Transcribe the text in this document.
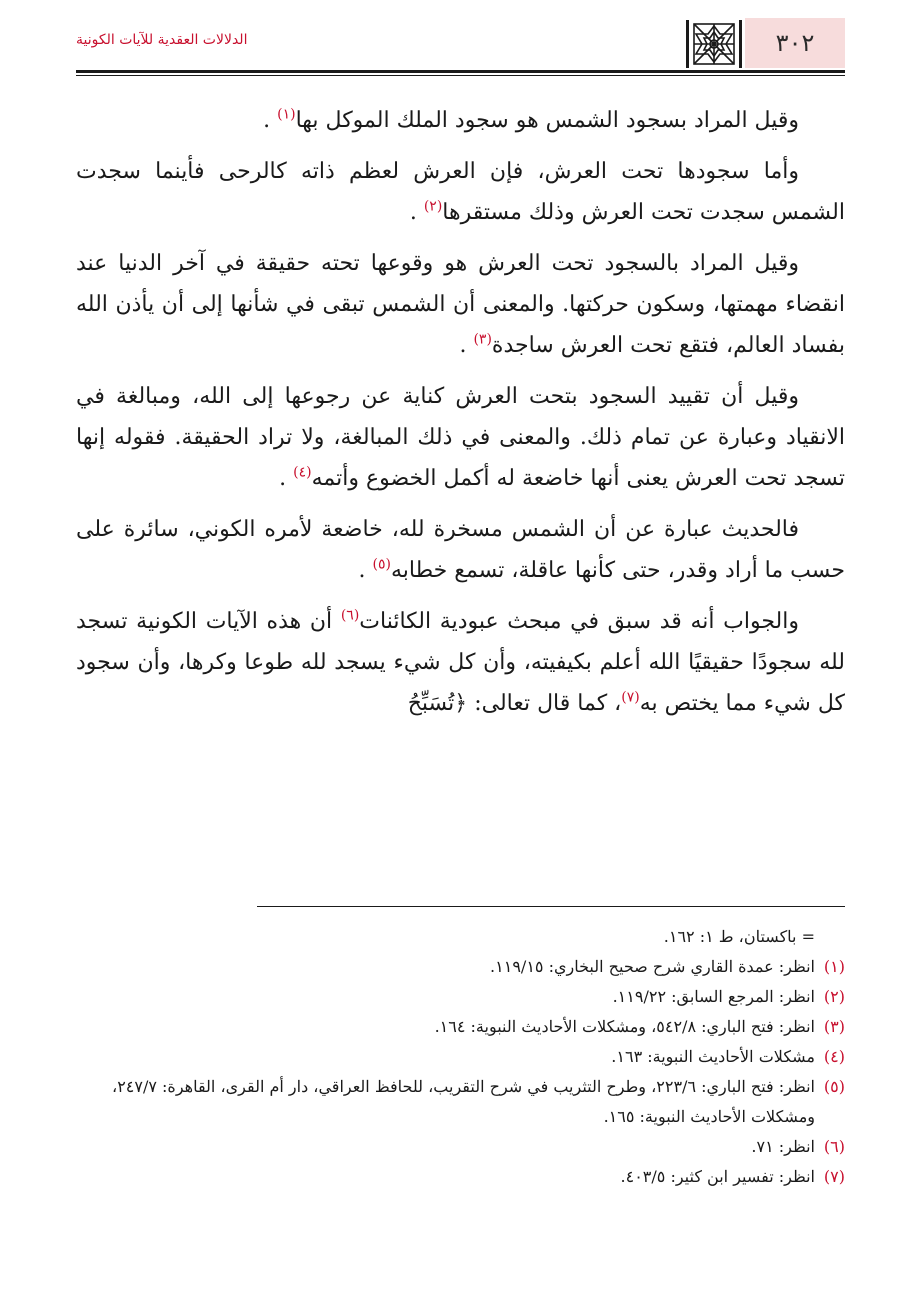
٣٠٢
الدلالات العقدية للآيات الكونية

وقيل المراد بسجود الشمس هو سجود الملك الموكل بها$^{(١)}$ .

وأما سجودها تحت العرش، فإن العرش لعظم ذاته كالرحى فأينما سجدت الشمس سجدت تحت العرش وذلك مستقرها$^{(٢)}$ .

وقيل المراد بالسجود تحت العرش هو وقوعها تحته حقيقة في آخر الدنيا عند انقضاء مهمتها، وسكون حركتها. والمعنى أن الشمس تبقى في شأنها إلى أن يأذن الله بفساد العالم، فتقع تحت العرش ساجدة$^{(٣)}$ .

وقيل أن تقييد السجود بتحت العرش كناية عن رجوعها إلى الله، ومبالغة في الانقياد وعبارة عن تمام ذلك. والمعنى في ذلك المبالغة، ولا تراد الحقيقة. فقوله إنها تسجد تحت العرش يعنى أنها خاضعة له أكمل الخضوع وأتمه$^{(٤)}$ .

فالحديث عبارة عن أن الشمس مسخرة لله، خاضعة لأمره الكوني، سائرة على حسب ما أراد وقدر، حتى كأنها عاقلة، تسمع خطابه$^{(٥)}$ .

والجواب أنه قد سبق في مبحث عبودية الكائنات$^{(٦)}$ أن هذه الآيات الكونية تسجد لله سجودًا حقيقيًا الله أعلم بكيفيته، وأن كل شيء يسجد لله طوعا وكرها، وأن سجود كل شيء مما يختص به$^{(٧)}$، كما قال تعالى: ﴿تُسَبِّحُ

= باكستان، ط ١: ١٦٢.

(١)انظر: عمدة القاري شرح صحيح البخاري: ١١٩/١٥.

(٢)انظر: المرجع السابق: ١١٩/٢٢.

(٣)انظر: فتح الباري: ٥٤٢/٨، ومشكلات الأحاديث النبوية: ١٦٤.

(٤)مشكلات الأحاديث النبوية: ١٦٣.

(٥)انظر: فتح الباري: ٢٢٣/٦، وطرح التثريب في شرح التقريب، للحافظ العراقي، دار أم القرى، القاهرة: ٢٤٧/٧، ومشكلات الأحاديث النبوية: ١٦٥.

(٦)انظر: ٧١.

(٧)انظر: تفسير ابن كثير: ٤٠٣/٥.
